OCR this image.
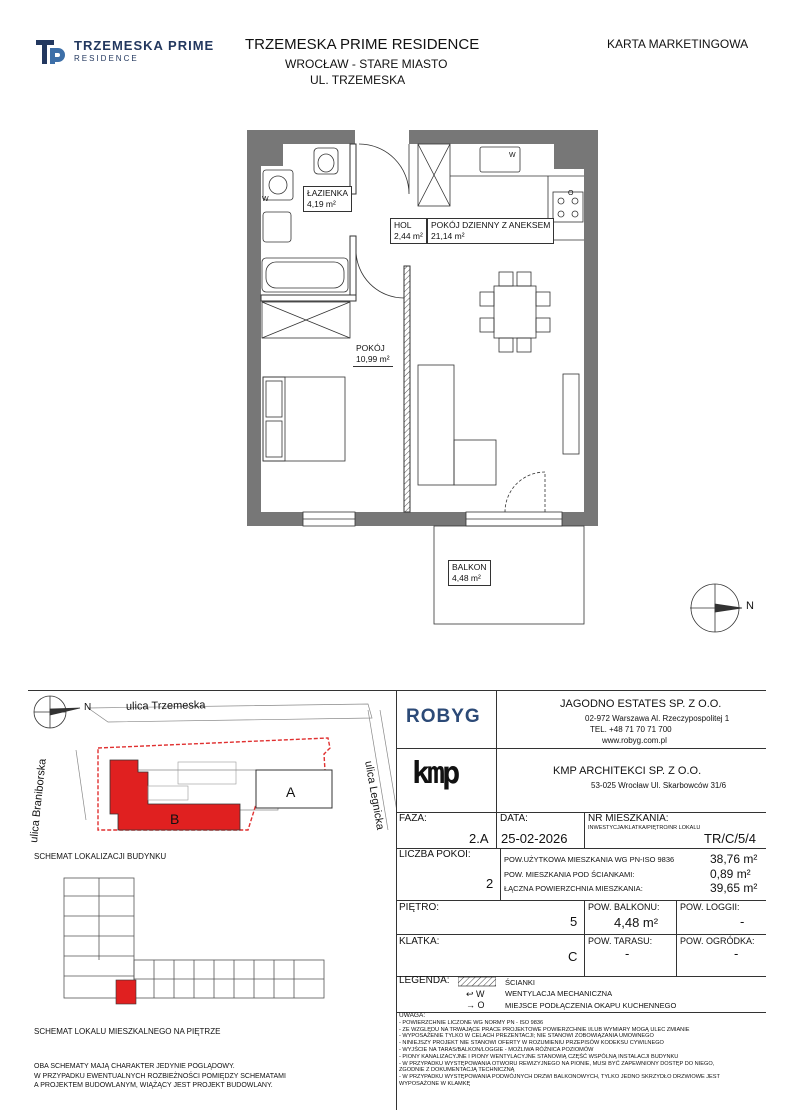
TRZEMESKA PRIME
RESIDENCE
TRZEMESKA PRIME RESIDENCE
WROCŁAW - STARE MIASTO
UL. TRZEMESKA
KARTA MARKETINGOWA
N
W
W
O
ŁAZIENKA
4,19 m²
HOL
2,44 m²
POKÓJ DZIENNY Z ANEKSEM
21,14 m²
POKÓJ
10,99 m²
BALKON
4,48 m²
N	ulica Trzemeska
ulica Braniborska	ulica Legnicka
A
B
SCHEMAT LOKALIZACJI BUDYNKU
SCHEMAT LOKALU MIESZKALNEGO NA PIĘTRZE
OBA SCHEMATY MAJĄ CHARAKTER JEDYNIE POGLĄDOWY.
W PRZYPADKU EWENTUALNYCH ROZBIEŻNOŚCI POMIĘDZY SCHEMATAMI
A PROJEKTEM BUDOWLANYM, WIĄŻĄCY JEST PROJEKT BUDOWLANY.
ROBYG
JAGODNO ESTATES SP. Z O.O.
02-972 Warszawa Al. Rzeczypospolitej 1
TEL. +48 71 70 71 700
www.robyg.com.pl
kmp	KMP ARCHITEKCI SP. Z O.O.
53-025 Wrocław Ul. Skarbowców 31/6
FAZA:
2.A
DATA:
25-02-2026
NR MIESZKANIA:
INWESTYCJA/KLATKA/PIĘTRO/NR LOKALU
TR/C/5/4
LICZBA POKOI:
2
POW.UŻYTKOWA MIESZKANIA WG PN-ISO 9836	38,76 m²
POW. MIESZKANIA POD ŚCIANKAMI:	0,89 m²
ŁĄCZNA POWIERZCHNIA MIESZKANIA:	39,65 m²
PIĘTRO:
5
POW. BALKONU:
4,48 m²
POW. LOGGII:
-
KLATKA:
C
POW. TARASU:
-
POW. OGRÓDKA:
-
LEGENDA:	ŚCIANKI
↩ W	WENTYLACJA MECHANICZNA
→ O	MIEJSCE PODŁĄCZENIA OKAPU KUCHENNEGO
UWAGA:
- POWIERZCHNIE LICZONE WG NORMY PN - ISO 9836
- ZE WZGLĘDU NA TRWAJĄCE PRACE PROJEKTOWE POWIERZCHNIE I/LUB WYMIARY MOGĄ ULEC ZMIANIE
- WYPOSAŻENIE TYLKO W CELACH PREZENTACJI; NIE STANOWI ZOBOWIĄZANIA UMOWNEGO
- NINIEJSZY PROJEKT NIE STANOWI OFERTY W ROZUMIENIU PRZEPISÓW KODEKSU CYWILNEGO
- WYJŚCIE NA TARAS/BALKON/LOGGIE - MOŻLIWA RÓŻNICA POZIOMÓW
- PIONY KANALIZACYJNE I PIONY WENTYLACYJNE STANOWIĄ CZĘŚĆ WSPÓLNĄ INSTALACJI BUDYNKU
- W PRZYPADKU WYSTĘPOWANIA OTWORU REWIZYJNEGO NA PIONIE, MUSI BYĆ ZAPEWNIONY DOSTĘP DO NIEGO,
ZGODNIE Z DOKUMENTACJĄ TECHNICZNĄ
- W PRZYPADKU WYSTĘPOWANIA PODWÓJNYCH DRZWI BALKONOWYCH, TYLKO JEDNO SKRZYDŁO DRZWIOWE JEST
WYPOSAŻONE W KLAMKĘ
